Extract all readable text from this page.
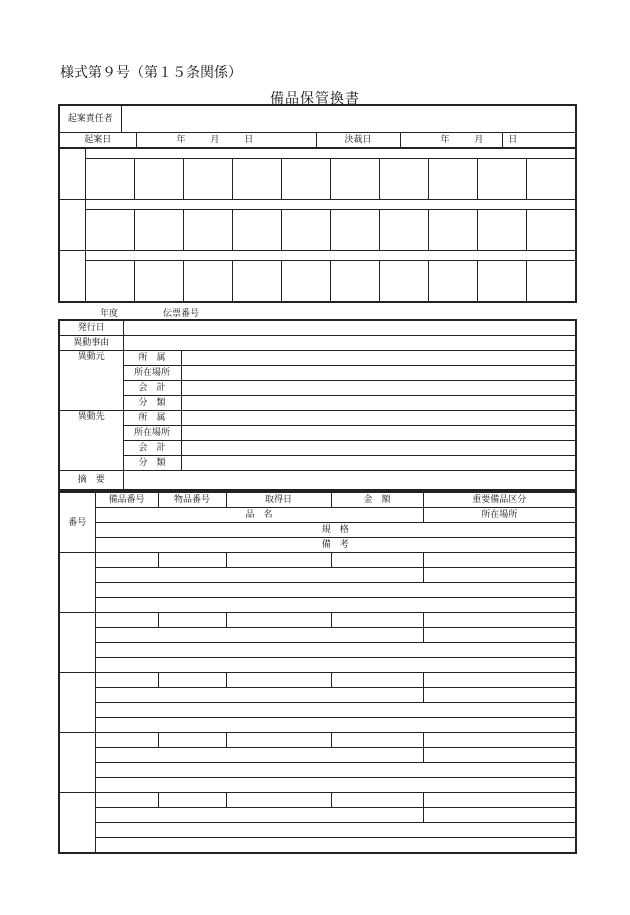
様式第９号（第１５条関係）
備品保管換書
起案責任者					
起案日		年 月 日	決裁日	年 月 日	

年度	伝票番号
発行日		
異動事由		
異動元	所　属	
	所在場所	
	会　計	
	分　類	
異動先	所　属	
	所在場所	
	会　計	
	分　類	
摘　要		
番号	備品番号	物品番号	取得日	金　額	重要備品区分
	品　名				所在場所
	規　格				
	備　考				
